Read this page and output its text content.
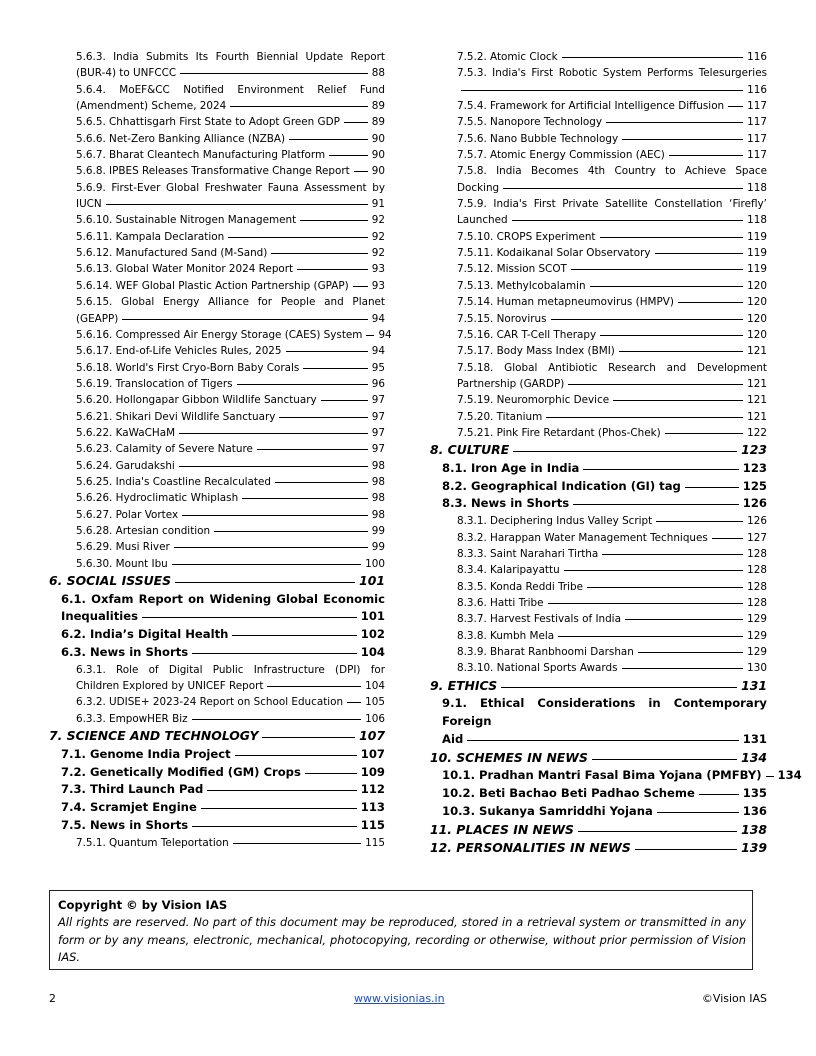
5.6.3. India Submits Its Fourth Biennial Update Report
(BUR-4) to UNFCCC	88
5.6.4. MoEF&CC Notified Environment Relief Fund
(Amendment) Scheme, 2024	89
5.6.5. Chhattisgarh First State to Adopt Green GDP	89
5.6.6. Net-Zero Banking Alliance (NZBA)	90
5.6.7. Bharat Cleantech Manufacturing Platform	90
5.6.8. IPBES Releases Transformative Change Report 90
5.6.9. First-Ever Global Freshwater Fauna Assessment by
IUCN	91
5.6.10. Sustainable Nitrogen Management	92
5.6.11. Kampala Declaration	92
5.6.12. Manufactured Sand (M-Sand)	92
5.6.13. Global Water Monitor 2024 Report	93
5.6.14. WEF Global Plastic Action Partnership (GPAP) 93
5.6.15. Global Energy Alliance for People and Planet
(GEAPP)	94
5.6.16. Compressed Air Energy Storage (CAES) System 94
5.6.17. End-of-Life Vehicles Rules, 2025	94
5.6.18. World's First Cryo-Born Baby Corals	95
5.6.19. Translocation of Tigers	96
5.6.20. Hollongapar Gibbon Wildlife Sanctuary	97
5.6.21. Shikari Devi Wildlife Sanctuary	97
5.6.22. KaWaCHaM	97
5.6.23. Calamity of Severe Nature	97
5.6.24. Garudakshi	98
5.6.25. India's Coastline Recalculated	98
5.6.26. Hydroclimatic Whiplash	98
5.6.27. Polar Vortex	98
5.6.28. Artesian condition	99
5.6.29. Musi River	99
5.6.30. Mount Ibu	100
6. SOCIAL ISSUES	101
6.1. Oxfam Report on Widening Global Economic
Inequalities	101
6.2. India’s Digital Health	102
6.3. News in Shorts	104
6.3.1. Role of Digital Public Infrastructure (DPI) for
Children Explored by UNICEF Report	104
6.3.2. UDISE+ 2023-24 Report on School Education 105
6.3.3. EmpowHER Biz	106
7. SCIENCE AND TECHNOLOGY	107
7.1. Genome India Project	107
7.2. Genetically Modified (GM) Crops	109
7.3. Third Launch Pad	112
7.4. Scramjet Engine	113
7.5. News in Shorts	115
7.5.1. Quantum Teleportation	115
7.5.2. Atomic Clock	116
7.5.3. India's First Robotic System Performs Telesurgeries
116
7.5.4. Framework for Artificial Intelligence Diffusion 117
7.5.5. Nanopore Technology	117
7.5.6. Nano Bubble Technology	117
7.5.7. Atomic Energy Commission (AEC)	117
7.5.8. India Becomes 4th Country to Achieve Space
Docking	118
7.5.9. India's First Private Satellite Constellation ‘Firefly’
Launched	118
7.5.10. CROPS Experiment	119
7.5.11. Kodaikanal Solar Observatory	119
7.5.12. Mission SCOT	119
7.5.13. Methylcobalamin	120
7.5.14. Human metapneumovirus (HMPV)	120
7.5.15. Norovirus	120
7.5.16. CAR T-Cell Therapy	120
7.5.17. Body Mass Index (BMI)	121
7.5.18. Global Antibiotic Research and Development
Partnership (GARDP)	121
7.5.19. Neuromorphic Device	121
7.5.20. Titanium	121
7.5.21. Pink Fire Retardant (Phos-Chek)	122
8. CULTURE	123
8.1. Iron Age in India	123
8.2. Geographical Indication (GI) tag	125
8.3. News in Shorts	126
8.3.1. Deciphering Indus Valley Script	126
8.3.2. Harappan Water Management Techniques	127
8.3.3. Saint Narahari Tirtha	128
8.3.4. Kalaripayattu	128
8.3.5. Konda Reddi Tribe	128
8.3.6. Hatti Tribe	128
8.3.7. Harvest Festivals of India	129
8.3.8. Kumbh Mela	129
8.3.9. Bharat Ranbhoomi Darshan	129
8.3.10. National Sports Awards	130
9. ETHICS	131
9.1. Ethical Considerations in Contemporary Foreign
Aid	131
10. SCHEMES IN NEWS	134
10.1. Pradhan Mantri Fasal Bima Yojana (PMFBY) 134
10.2. Beti Bachao Beti Padhao Scheme	135
10.3. Sukanya Samriddhi Yojana	136
11. PLACES IN NEWS	138
12. PERSONALITIES IN NEWS	139
Copyright © by Vision IAS
All rights are reserved. No part of this document may be reproduced, stored in a retrieval system or transmitted in any form or by any means, electronic, mechanical, photocopying, recording or otherwise, without prior permission of Vision IAS.
2	www.visionias.in	©Vision IAS
